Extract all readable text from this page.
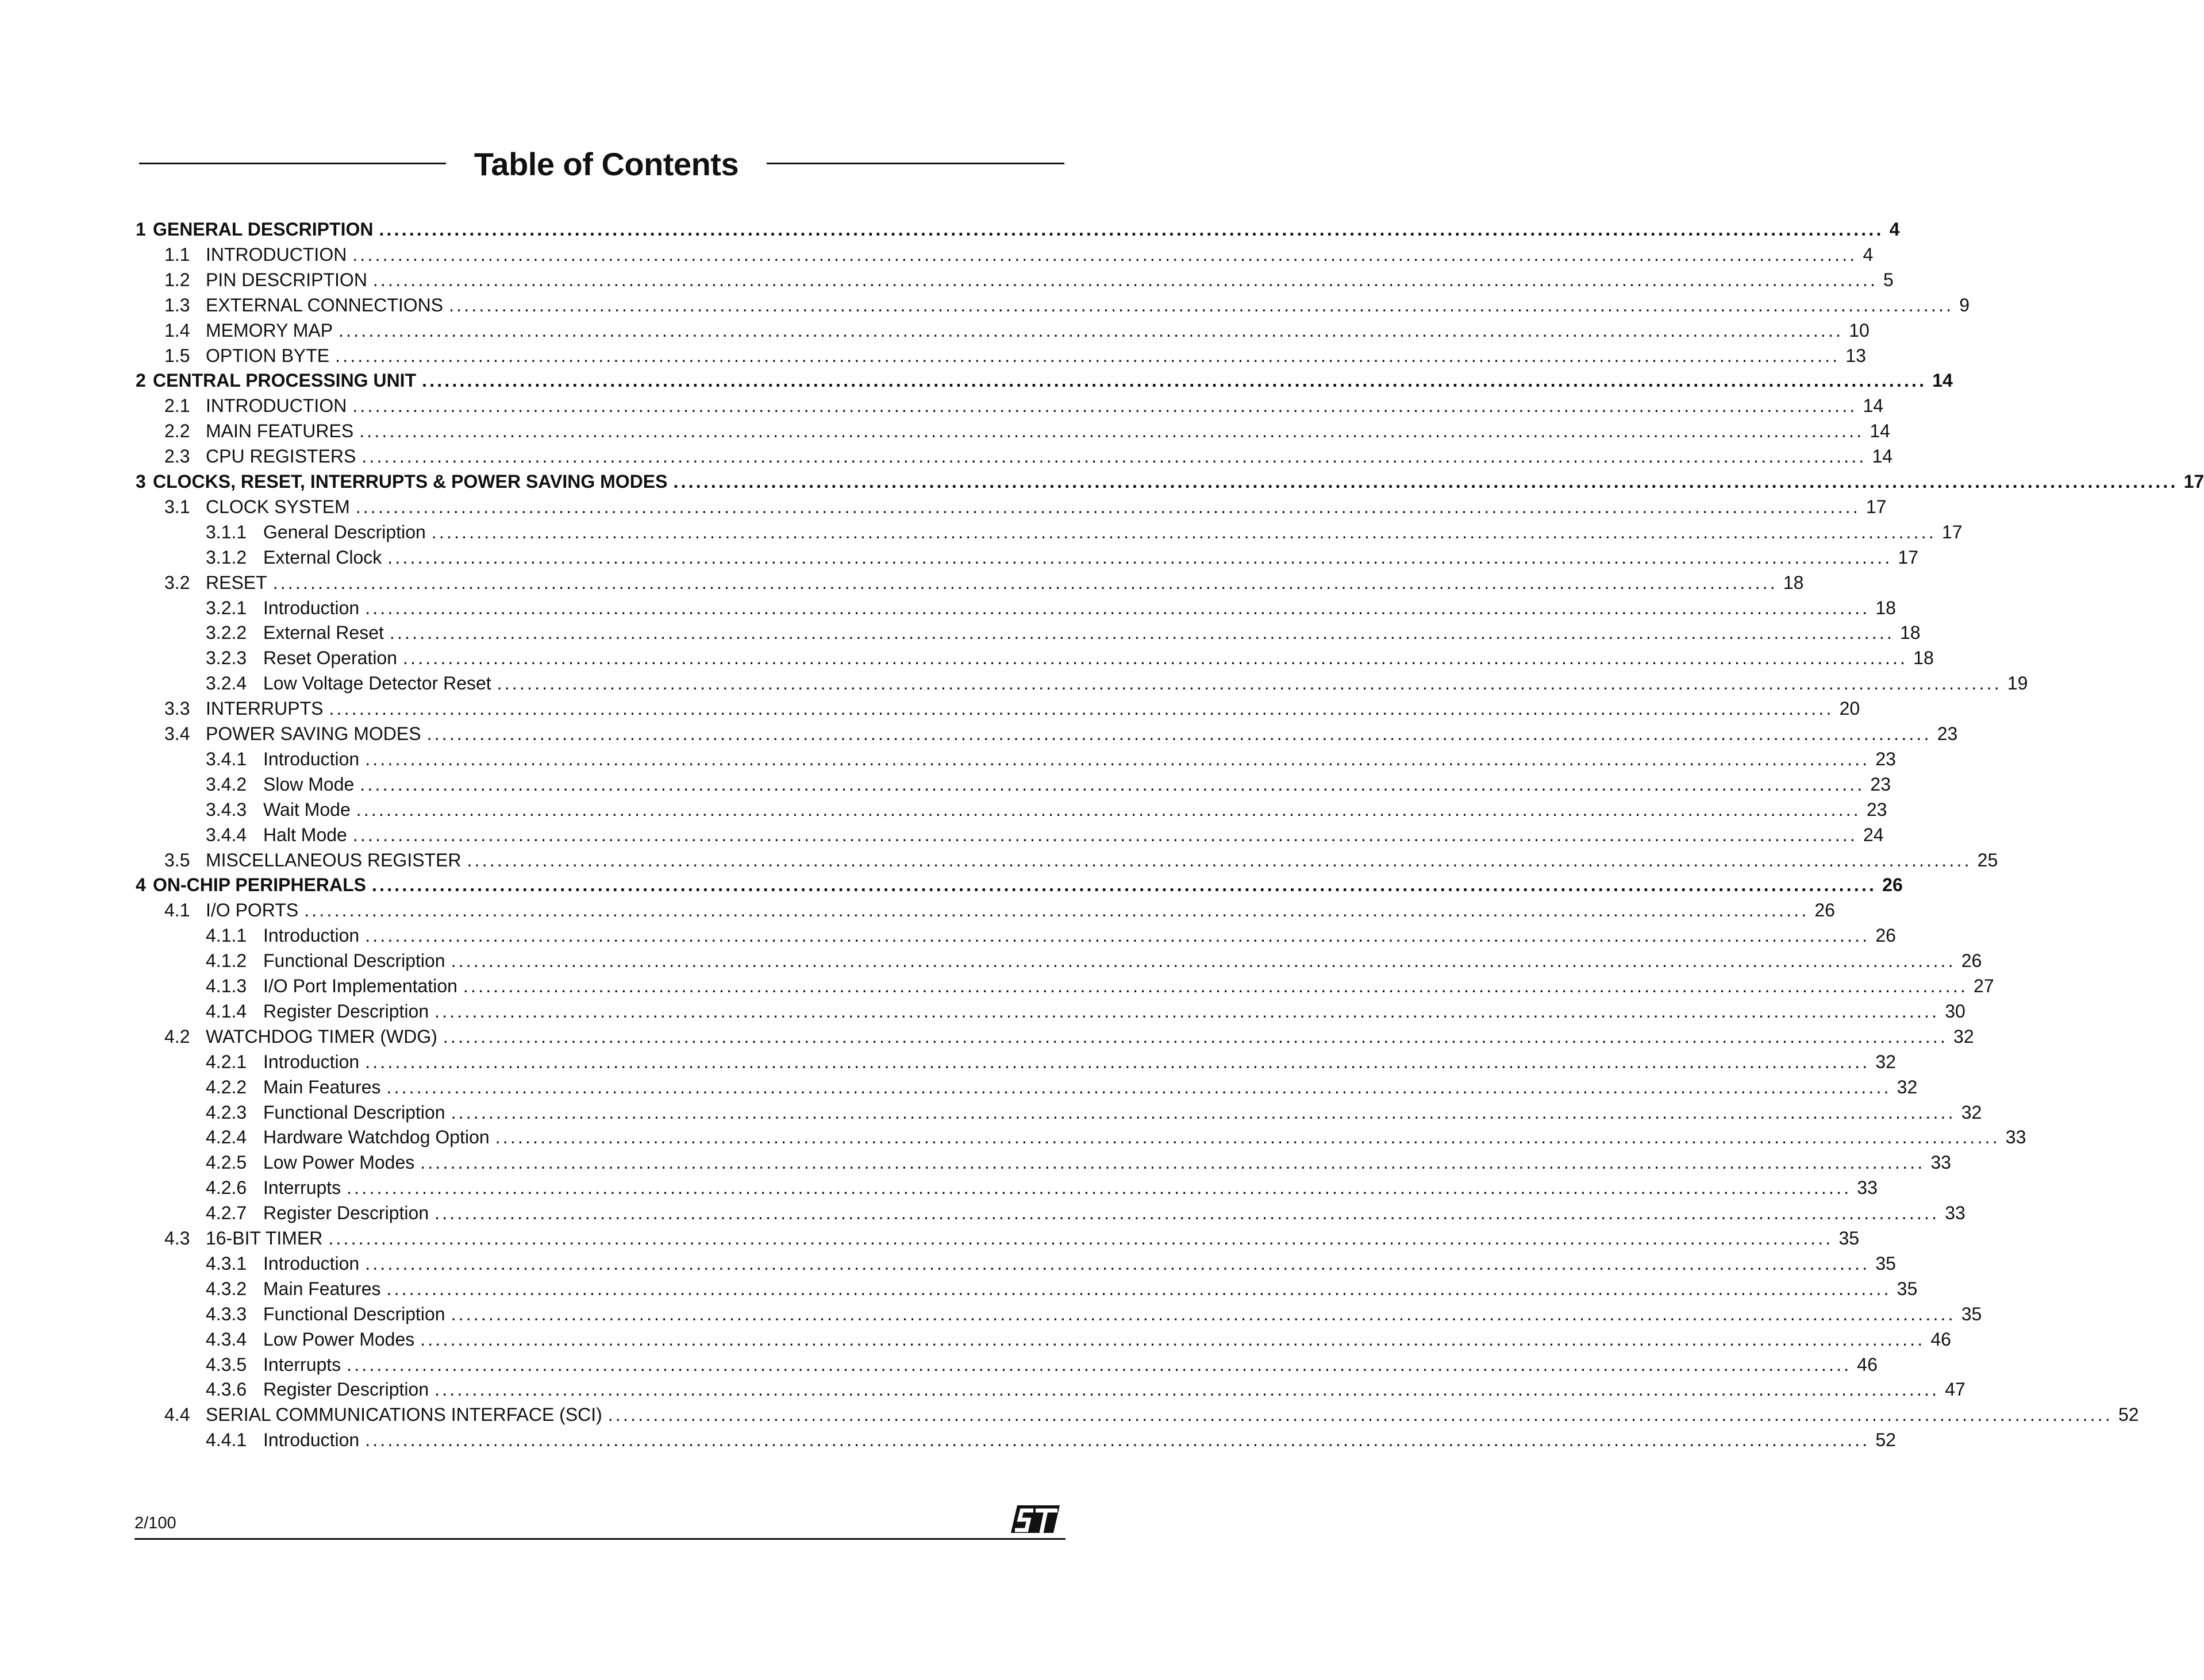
Table of Contents
1 GENERAL DESCRIPTION ........................................................................................................................................................................................................ 4
1.1 INTRODUCTION ........................................................................................................................................................................................................ 4
1.2 PIN DESCRIPTION ........................................................................................................................................................................................................ 5
1.3 EXTERNAL CONNECTIONS ........................................................................................................................................................................................................ 9
1.4 MEMORY MAP ........................................................................................................................................................................................................ 10
1.5 OPTION BYTE ........................................................................................................................................................................................................ 13
2 CENTRAL PROCESSING UNIT ........................................................................................................................................................................................................ 14
2.1 INTRODUCTION ........................................................................................................................................................................................................ 14
2.2 MAIN FEATURES ........................................................................................................................................................................................................ 14
2.3 CPU REGISTERS ........................................................................................................................................................................................................ 14
3 CLOCKS, RESET, INTERRUPTS & POWER SAVING MODES ........................................................................................................................................................................................................ 17
3.1 CLOCK SYSTEM ........................................................................................................................................................................................................ 17
3.1.1 General Description ........................................................................................................................................................................................................ 17
3.1.2 External Clock ........................................................................................................................................................................................................ 17
3.2 RESET ........................................................................................................................................................................................................ 18
3.2.1 Introduction ........................................................................................................................................................................................................ 18
3.2.2 External Reset ........................................................................................................................................................................................................ 18
3.2.3 Reset Operation ........................................................................................................................................................................................................ 18
3.2.4 Low Voltage Detector Reset ........................................................................................................................................................................................................ 19
3.3 INTERRUPTS ........................................................................................................................................................................................................ 20
3.4 POWER SAVING MODES ........................................................................................................................................................................................................ 23
3.4.1 Introduction ........................................................................................................................................................................................................ 23
3.4.2 Slow Mode ........................................................................................................................................................................................................ 23
3.4.3 Wait Mode ........................................................................................................................................................................................................ 23
3.4.4 Halt Mode ........................................................................................................................................................................................................ 24
3.5 MISCELLANEOUS REGISTER ........................................................................................................................................................................................................ 25
4 ON-CHIP PERIPHERALS ........................................................................................................................................................................................................ 26
4.1 I/O PORTS ........................................................................................................................................................................................................ 26
4.1.1 Introduction ........................................................................................................................................................................................................ 26
4.1.2 Functional Description ........................................................................................................................................................................................................ 26
4.1.3 I/O Port Implementation ........................................................................................................................................................................................................ 27
4.1.4 Register Description ........................................................................................................................................................................................................ 30
4.2 WATCHDOG TIMER (WDG) ........................................................................................................................................................................................................ 32
4.2.1 Introduction ........................................................................................................................................................................................................ 32
4.2.2 Main Features ........................................................................................................................................................................................................ 32
4.2.3 Functional Description ........................................................................................................................................................................................................ 32
4.2.4 Hardware Watchdog Option ........................................................................................................................................................................................................ 33
4.2.5 Low Power Modes ........................................................................................................................................................................................................ 33
4.2.6 Interrupts ........................................................................................................................................................................................................ 33
4.2.7 Register Description ........................................................................................................................................................................................................ 33
4.3 16-BIT TIMER ........................................................................................................................................................................................................ 35
4.3.1 Introduction ........................................................................................................................................................................................................ 35
4.3.2 Main Features ........................................................................................................................................................................................................ 35
4.3.3 Functional Description ........................................................................................................................................................................................................ 35
4.3.4 Low Power Modes ........................................................................................................................................................................................................ 46
4.3.5 Interrupts ........................................................................................................................................................................................................ 46
4.3.6 Register Description ........................................................................................................................................................................................................ 47
4.4 SERIAL COMMUNICATIONS INTERFACE (SCI) ........................................................................................................................................................................................................ 52
4.4.1 Introduction ........................................................................................................................................................................................................ 52
2/100
